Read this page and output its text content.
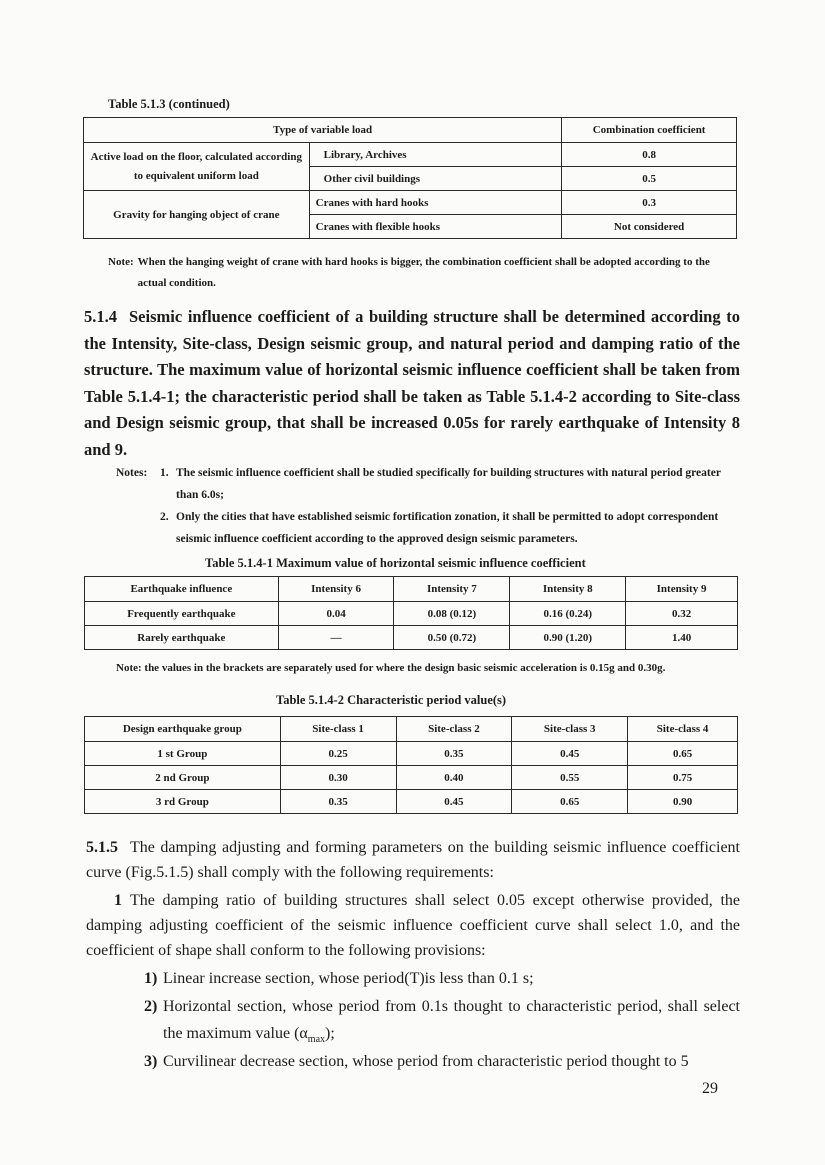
Table 5.1.3 (continued)
Type of variable load		Combination coefficient
Active load on the floor, calculated according to equivalent uniform load	Library, Archives	0.8
	Other civil buildings	0.5
Gravity for hanging object of crane	Cranes with hard hooks	0.3
	Cranes with flexible hooks	Not considered
Note: When the hanging weight of crane with hard hooks is bigger, the combination coefficient shall be adopted according to the actual condition.
5.1.4 Seismic influence coefficient of a building structure shall be determined according to the Intensity, Site-class, Design seismic group, and natural period and damping ratio of the structure. The maximum value of horizontal seismic influence coefficient shall be taken from Table 5.1.4-1; the characteristic period shall be taken as Table 5.1.4-2 according to Site-class and Design seismic group, that shall be increased 0.05s for rarely earthquake of Intensity 8 and 9.
Notes:	1. The seismic influence coefficient shall be studied specifically for building structures with natural period greater than 6.0s;
2. Only the cities that have established seismic fortification zonation, it shall be permitted to adopt correspondent seismic influence coefficient according to the approved design seismic parameters.
Table 5.1.4-1 Maximum value of horizontal seismic influence coefficient
Earthquake influence	Intensity 6	Intensity 7	Intensity 8	Intensity 9
Frequently earthquake	0.04	0.08 (0.12)	0.16 (0.24)	0.32
Rarely earthquake	—	0.50 (0.72)	0.90 (1.20)	1.40
Note: the values in the brackets are separately used for where the design basic seismic acceleration is 0.15g and 0.30g.
Table 5.1.4-2 Characteristic period value(s)
Design earthquake group	Site-class 1	Site-class 2	Site-class 3	Site-class 4
1 st Group	0.25	0.35	0.45	0.65
2 nd Group	0.30	0.40	0.55	0.75
3 rd Group	0.35	0.45	0.65	0.90
5.1.5 The damping adjusting and forming parameters on the building seismic influence coefficient curve (Fig.5.1.5) shall comply with the following requirements:
1 The damping ratio of building structures shall select 0.05 except otherwise provided, the damping adjusting coefficient of the seismic influence coefficient curve shall select 1.0, and the coefficient of shape shall conform to the following provisions:
1) Linear increase section, whose period(T)is less than 0.1 s;
2) Horizontal section, whose period from 0.1s thought to characteristic period, shall select the maximum value $(\alpha_{max})$;
3) Curvilinear decrease section, whose period from characteristic period thought to 5
29
